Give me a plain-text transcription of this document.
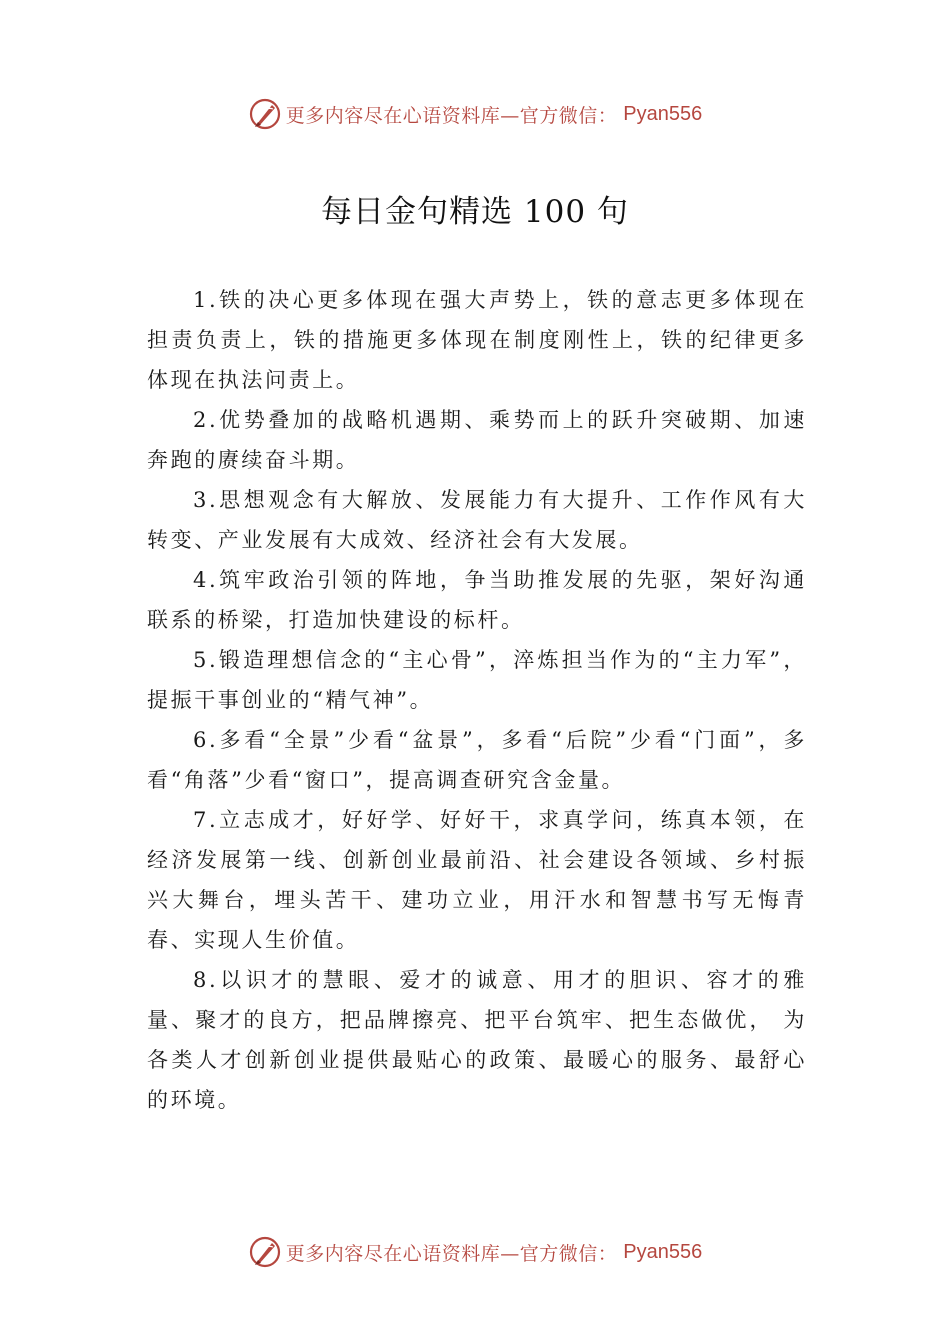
更多内容尽在心语资料库—官方微信： Pyan556
每日金句精选 100 句

1.铁的决心更多体现在强大声势上，铁的意志更多体现在担责负责上，铁的措施更多体现在制度刚性上，铁的纪律更多体现在执法问责上。

2.优势叠加的战略机遇期、乘势而上的跃升突破期、加速奔跑的赓续奋斗期。

3.思想观念有大解放、发展能力有大提升、工作作风有大转变、产业发展有大成效、经济社会有大发展。

4.筑牢政治引领的阵地，争当助推发展的先驱，架好沟通联系的桥梁，打造加快建设的标杆。

5.锻造理想信念的“主心骨”，淬炼担当作为的“主力军”，提振干事创业的“精气神”。

6.多看“全景”少看“盆景”，多看“后院”少看“门面”，多看“角落”少看“窗口”，提高调查研究含金量。

7.立志成才，好好学、好好干，求真学问，练真本领，在经济发展第一线、创新创业最前沿、社会建设各领域、乡村振兴大舞台，埋头苦干、建功立业，用汗水和智慧书写无悔青春、实现人生价值。

8.以识才的慧眼、爱才的诚意、用才的胆识、容才的雅量、聚才的良方，把品牌擦亮、把平台筑牢、把生态做优， 为各类人才创新创业提供最贴心的政策、最暖心的服务、最舒心的环境。

更多内容尽在心语资料库—官方微信： Pyan556
